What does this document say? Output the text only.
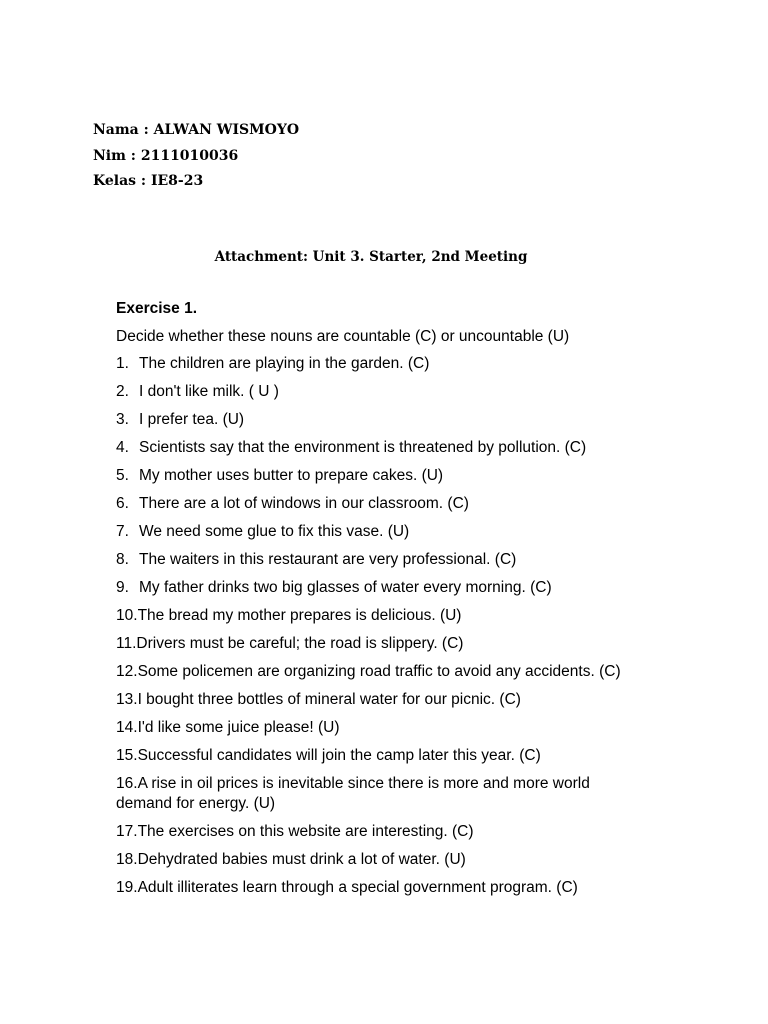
Nama : ALWAN WISMOYO
Nim : 2111010036
Kelas : IE8-23
Attachment: Unit 3. Starter, 2nd Meeting
Exercise 1.
Decide whether these nouns are countable (C) or uncountable (U)
1. The children are playing in the garden. (C)
2. I don't like milk. ( U )
3. I prefer tea. (U)
4. Scientists say that the environment is threatened by pollution. (C)
5. My mother uses butter to prepare cakes. (U)
6. There are a lot of windows in our classroom. (C)
7. We need some glue to fix this vase. (U)
8. The waiters in this restaurant are very professional. (C)
9. My father drinks two big glasses of water every morning. (C)
10.The bread my mother prepares is delicious. (U)
11.Drivers must be careful; the road is slippery. (C)
12.Some policemen are organizing road traffic to avoid any accidents. (C)
13.I bought three bottles of mineral water for our picnic. (C)
14.I'd like some juice please! (U)
15.Successful candidates will join the camp later this year. (C)
16.A rise in oil prices is inevitable since there is more and more world demand for energy. (U)
17.The exercises on this website are interesting. (C)
18.Dehydrated babies must drink a lot of water. (U)
19.Adult illiterates learn through a special government program. (C)
